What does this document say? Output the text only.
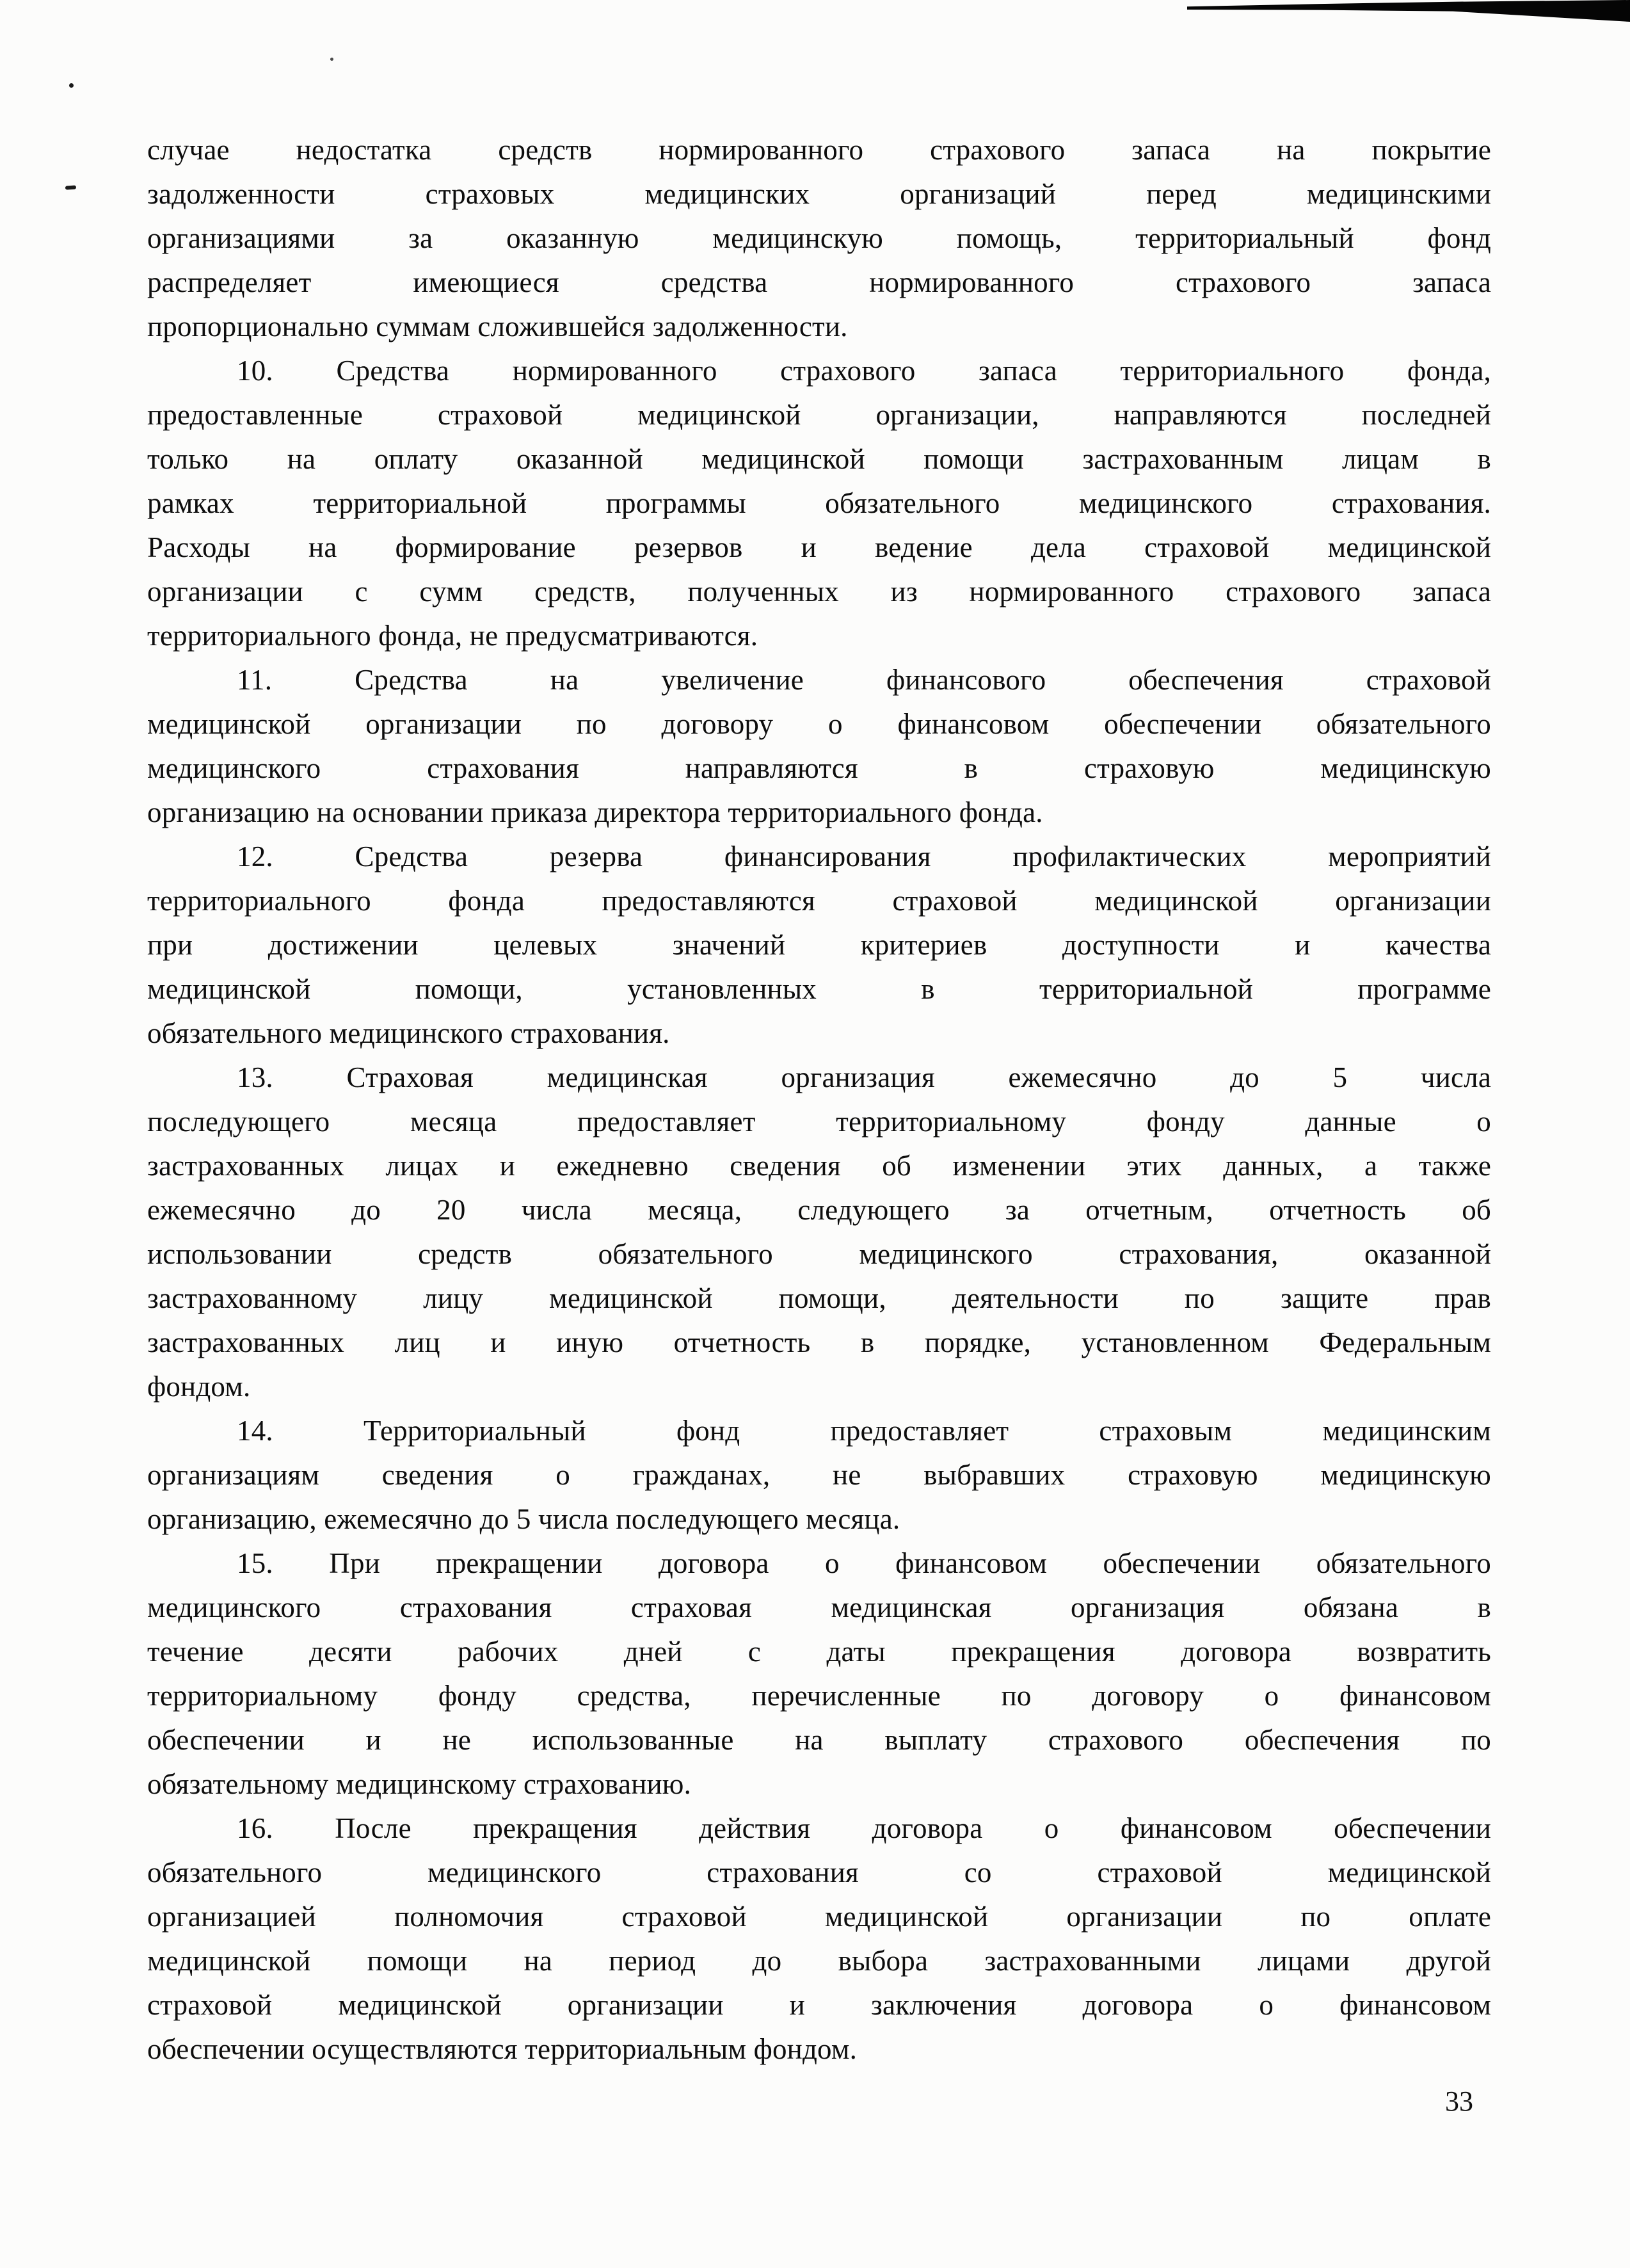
случае недостатка средств нормированного страхового запаса на покрытие
задолженности страховых медицинских организаций перед медицинскими
организациями за оказанную медицинскую помощь, территориальный фонд
распределяет имеющиеся средства нормированного страхового запаса
пропорционально суммам сложившейся задолженности.
10. Средства нормированного страхового запаса территориального фонда,
предоставленные страховой медицинской организации, направляются последней
только на оплату оказанной медицинской помощи застрахованным лицам в
рамках территориальной программы обязательного медицинского страхования.
Расходы на формирование резервов и ведение дела страховой медицинской
организации с сумм средств, полученных из нормированного страхового запаса
территориального фонда, не предусматриваются.
11. Средства на увеличение финансового обеспечения страховой
медицинской организации по договору о финансовом обеспечении обязательного
медицинского страхования направляются в страховую медицинскую
организацию на основании приказа директора территориального фонда.
12. Средства резерва финансирования профилактических мероприятий
территориального фонда предоставляются страховой медицинской организации
при достижении целевых значений критериев доступности и качества
медицинской помощи, установленных в территориальной программе
обязательного медицинского страхования.
13. Страховая медицинская организация ежемесячно до 5 числа
последующего месяца предоставляет территориальному фонду данные о
застрахованных лицах и ежедневно сведения об изменении этих данных, а также
ежемесячно до 20 числа месяца, следующего за отчетным, отчетность об
использовании средств обязательного медицинского страхования, оказанной
застрахованному лицу медицинской помощи, деятельности по защите прав
застрахованных лиц и иную отчетность в порядке, установленном Федеральным
фондом.
14. Территориальный фонд предоставляет страховым медицинским
организациям сведения о гражданах, не выбравших страховую медицинскую
организацию, ежемесячно до 5 числа последующего месяца.
15. При прекращении договора о финансовом обеспечении обязательного
медицинского страхования страховая медицинская организация обязана в
течение десяти рабочих дней с даты прекращения договора возвратить
территориальному фонду средства, перечисленные по договору о финансовом
обеспечении и не использованные на выплату страхового обеспечения по
обязательному медицинскому страхованию.
16. После прекращения действия договора о финансовом обеспечении
обязательного медицинского страхования со страховой медицинской
организацией полномочия страховой медицинской организации по оплате
медицинской помощи на период до выбора застрахованными лицами другой
страховой медицинской организации и заключения договора о финансовом
обеспечении осуществляются территориальным фондом.
33
